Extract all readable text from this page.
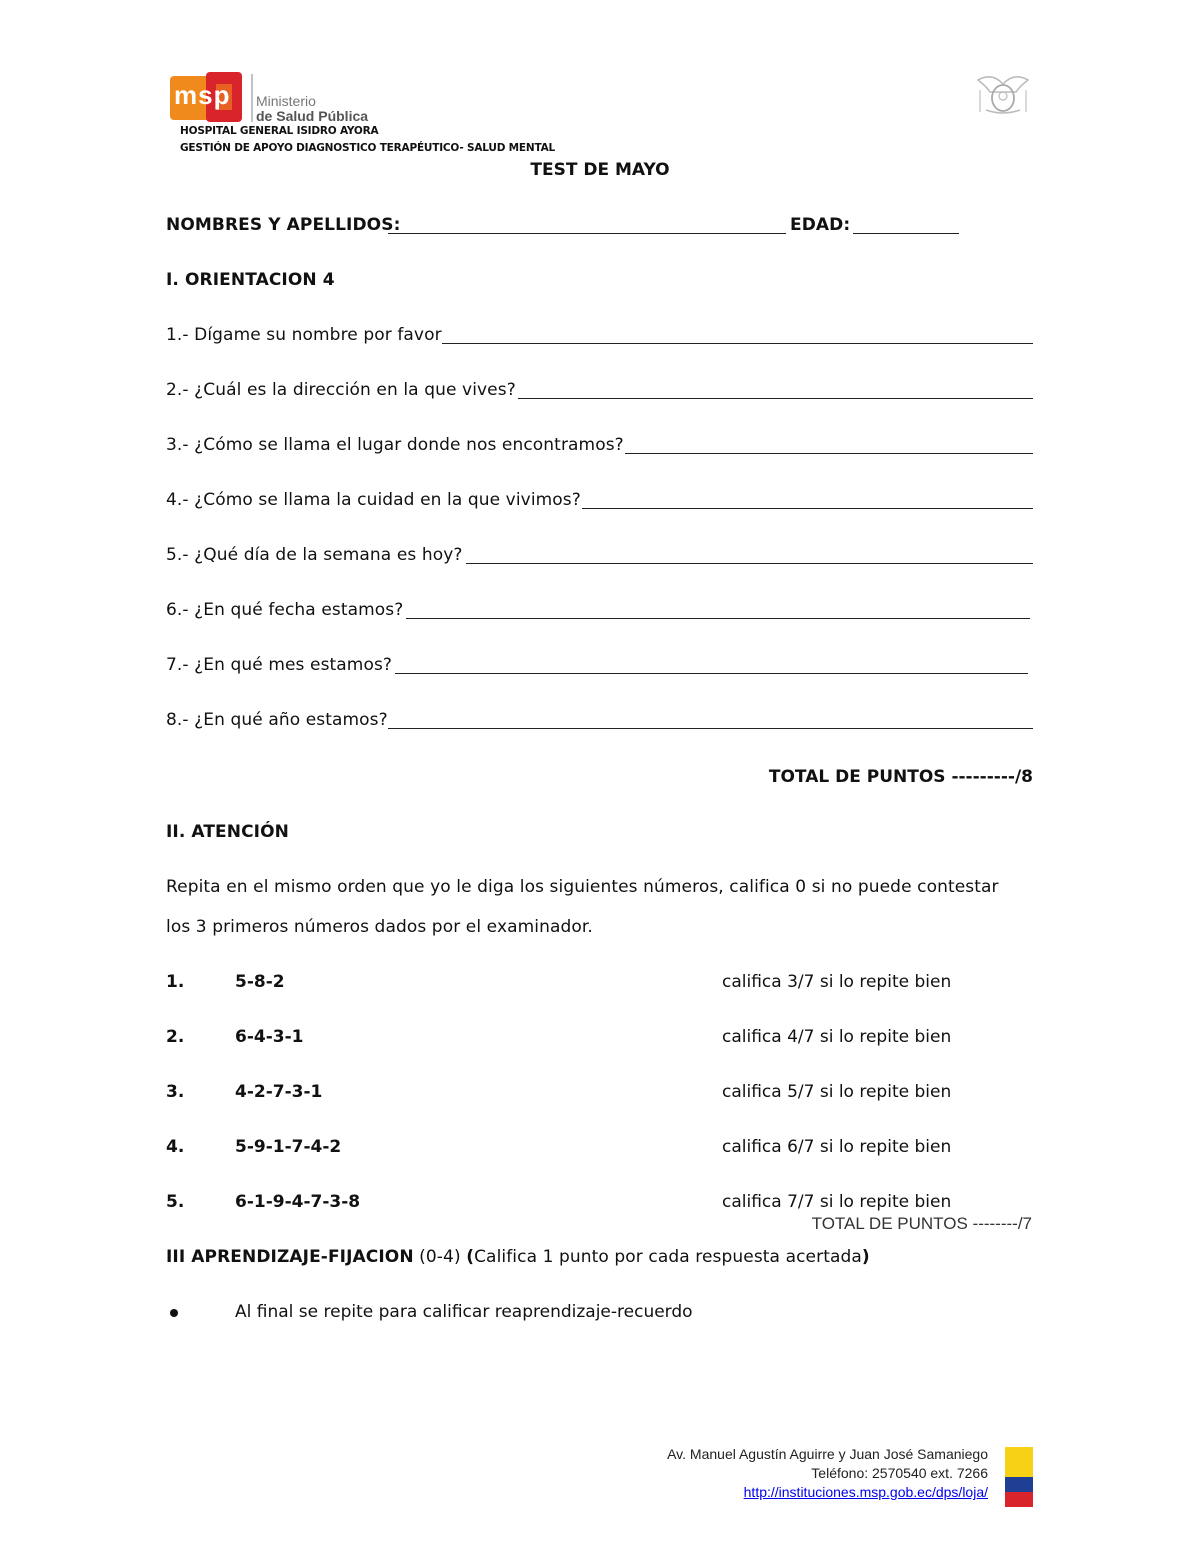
msp Ministerio
de Salud Pública
HOSPITAL GENERAL ISIDRO AYORA
GESTIÓN DE APOYO DIAGNOSTICO TERAPÉUTICO- SALUD MENTAL
TEST DE MAYO
NOMBRES Y APELLIDOS:	EDAD:
I. ORIENTACION 4
1.- Dígame su nombre por favor
2.- ¿Cuál es la dirección en la que vives?
3.- ¿Cómo se llama el lugar donde nos encontramos?
4.- ¿Cómo se llama la cuidad en la que vivimos?
5.- ¿Qué día de la semana es hoy?
6.- ¿En qué fecha estamos?
7.- ¿En qué mes estamos?
8.- ¿En qué año estamos?
TOTAL DE PUNTOS ---------/8
II. ATENCIÓN
Repita en el mismo orden que yo le diga los siguientes números, califica 0 si no puede contestar
los 3 primeros números dados por el examinador.
1.	5-8-2	califica 3/7 si lo repite bien
2.	6-4-3-1	califica 4/7 si lo repite bien
3.	4-2-7-3-1	califica 5/7 si lo repite bien
4.	5-9-1-7-4-2	califica 6/7 si lo repite bien
5.	6-1-9-4-7-3-8	califica 7/7 si lo repite bien
TOTAL DE PUNTOS --------/7
III APRENDIZAJE-FIJACION (0-4) (Califica 1 punto por cada respuesta acertada)
Al final se repite para calificar reaprendizaje-recuerdo
Av. Manuel Agustín Aguirre y Juan José Samaniego
Teléfono: 2570540 ext. 7266
http://instituciones.msp.gob.ec/dps/loja/
